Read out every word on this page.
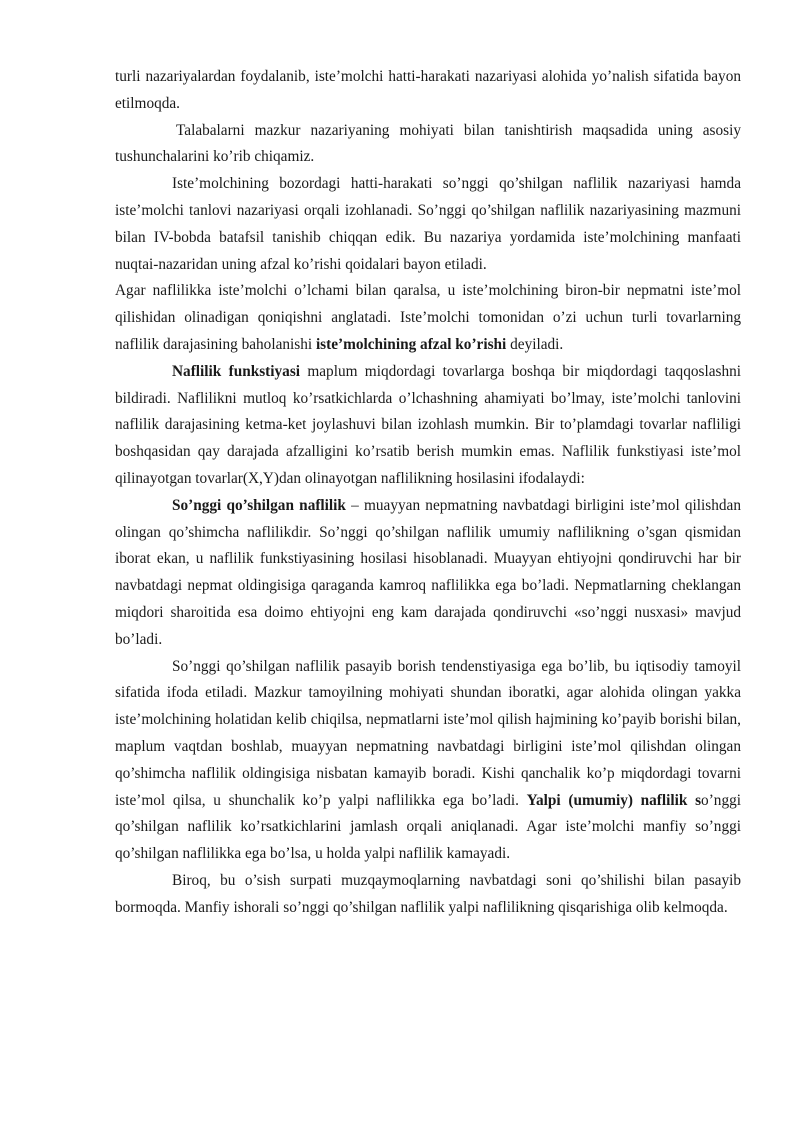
turli nazariyalardan foydalanib, iste’molchi hatti-harakati nazariyasi alohida yo’nalish sifatida bayon etilmoqda.

Talabalarni mazkur nazariyaning mohiyati bilan tanishtirish maqsadida uning asosiy tushunchalarini ko’rib chiqamiz.

Iste’molchining bozordagi hatti-harakati so’nggi qo’shilgan naflilik nazariyasi hamda iste’molchi tanlovi nazariyasi orqali izohlanadi. So’nggi qo’shilgan naflilik nazariyasining mazmuni bilan IV-bobda batafsil tanishib chiqqan edik. Bu nazariya yordamida iste’molchining manfaati nuqtai-nazaridan uning afzal ko’rishi qoidalari bayon etiladi.
Agar naflilikka iste’molchi o’lchami bilan qaralsa, u iste’molchining biron-bir nepmatni iste’mol qilishidan olinadigan qoniqishni anglatadi. Iste’molchi tomonidan o’zi uchun turli tovarlarning naflilik darajasining baholanishi iste’molchining afzal ko’rishi deyiladi.

Naflilik funkstiyasi maplum miqdordagi tovarlarga boshqa bir miqdordagi taqqoslashni bildiradi. Naflilikni mutloq ko’rsatkichlarda o’lchashning ahamiyati bo’lmay, iste’molchi tanlovini naflilik darajasining ketma-ket joylashuvi bilan izohlash mumkin. Bir to’plamdagi tovarlar nafliligi boshqasidan qay darajada afzalligini ko’rsatib berish mumkin emas. Naflilik funkstiyasi iste’mol qilinayotgan tovarlar(X,Y)dan olinayotgan naflilikning hosilasini ifodalaydi:

So’nggi qo’shilgan naflilik – muayyan nepmatning navbatdagi birligini iste’mol qilishdan olingan qo’shimcha naflilikdir. So’nggi qo’shilgan naflilik umumiy naflilikning o’sgan qismidan iborat ekan, u naflilik funkstiyasining hosilasi hisoblanadi. Muayyan ehtiyojni qondiruvchi har bir navbatdagi nepmat oldingisiga qaraganda kamroq naflilikka ega bo’ladi. Nepmatlarning cheklangan miqdori sharoitida esa doimo ehtiyojni eng kam darajada qondiruvchi «so’nggi nusxasi» mavjud bo’ladi.

So’nggi qo’shilgan naflilik pasayib borish tendenstiyasiga ega bo’lib, bu iqtisodiy tamoyil sifatida ifoda etiladi. Mazkur tamoyilning mohiyati shundan iboratki, agar alohida olingan yakka iste’molchining holatidan kelib chiqilsa, nepmatlarni iste’mol qilish hajmining ko’payib borishi bilan, maplum vaqtdan boshlab, muayyan nepmatning navbatdagi birligini iste’mol qilishdan olingan qo’shimcha naflilik oldingisiga nisbatan kamayib boradi. Kishi qanchalik ko’p miqdordagi tovarni iste’mol qilsa, u shunchalik ko’p yalpi naflilikka ega bo’ladi. Yalpi (umumiy) naflilik so’nggi qo’shilgan naflilik ko’rsatkichlarini jamlash orqali aniqlanadi. Agar iste’molchi manfiy so’nggi qo’shilgan naflilikka ega bo’lsa, u holda yalpi naflilik kamayadi.

Biroq, bu o’sish surpati muzqaymoqlarning navbatdagi soni qo’shilishi bilan pasayib bormoqda. Manfiy ishorali so’nggi qo’shilgan naflilik yalpi naflilikning qisqarishiga olib kelmoqda.
